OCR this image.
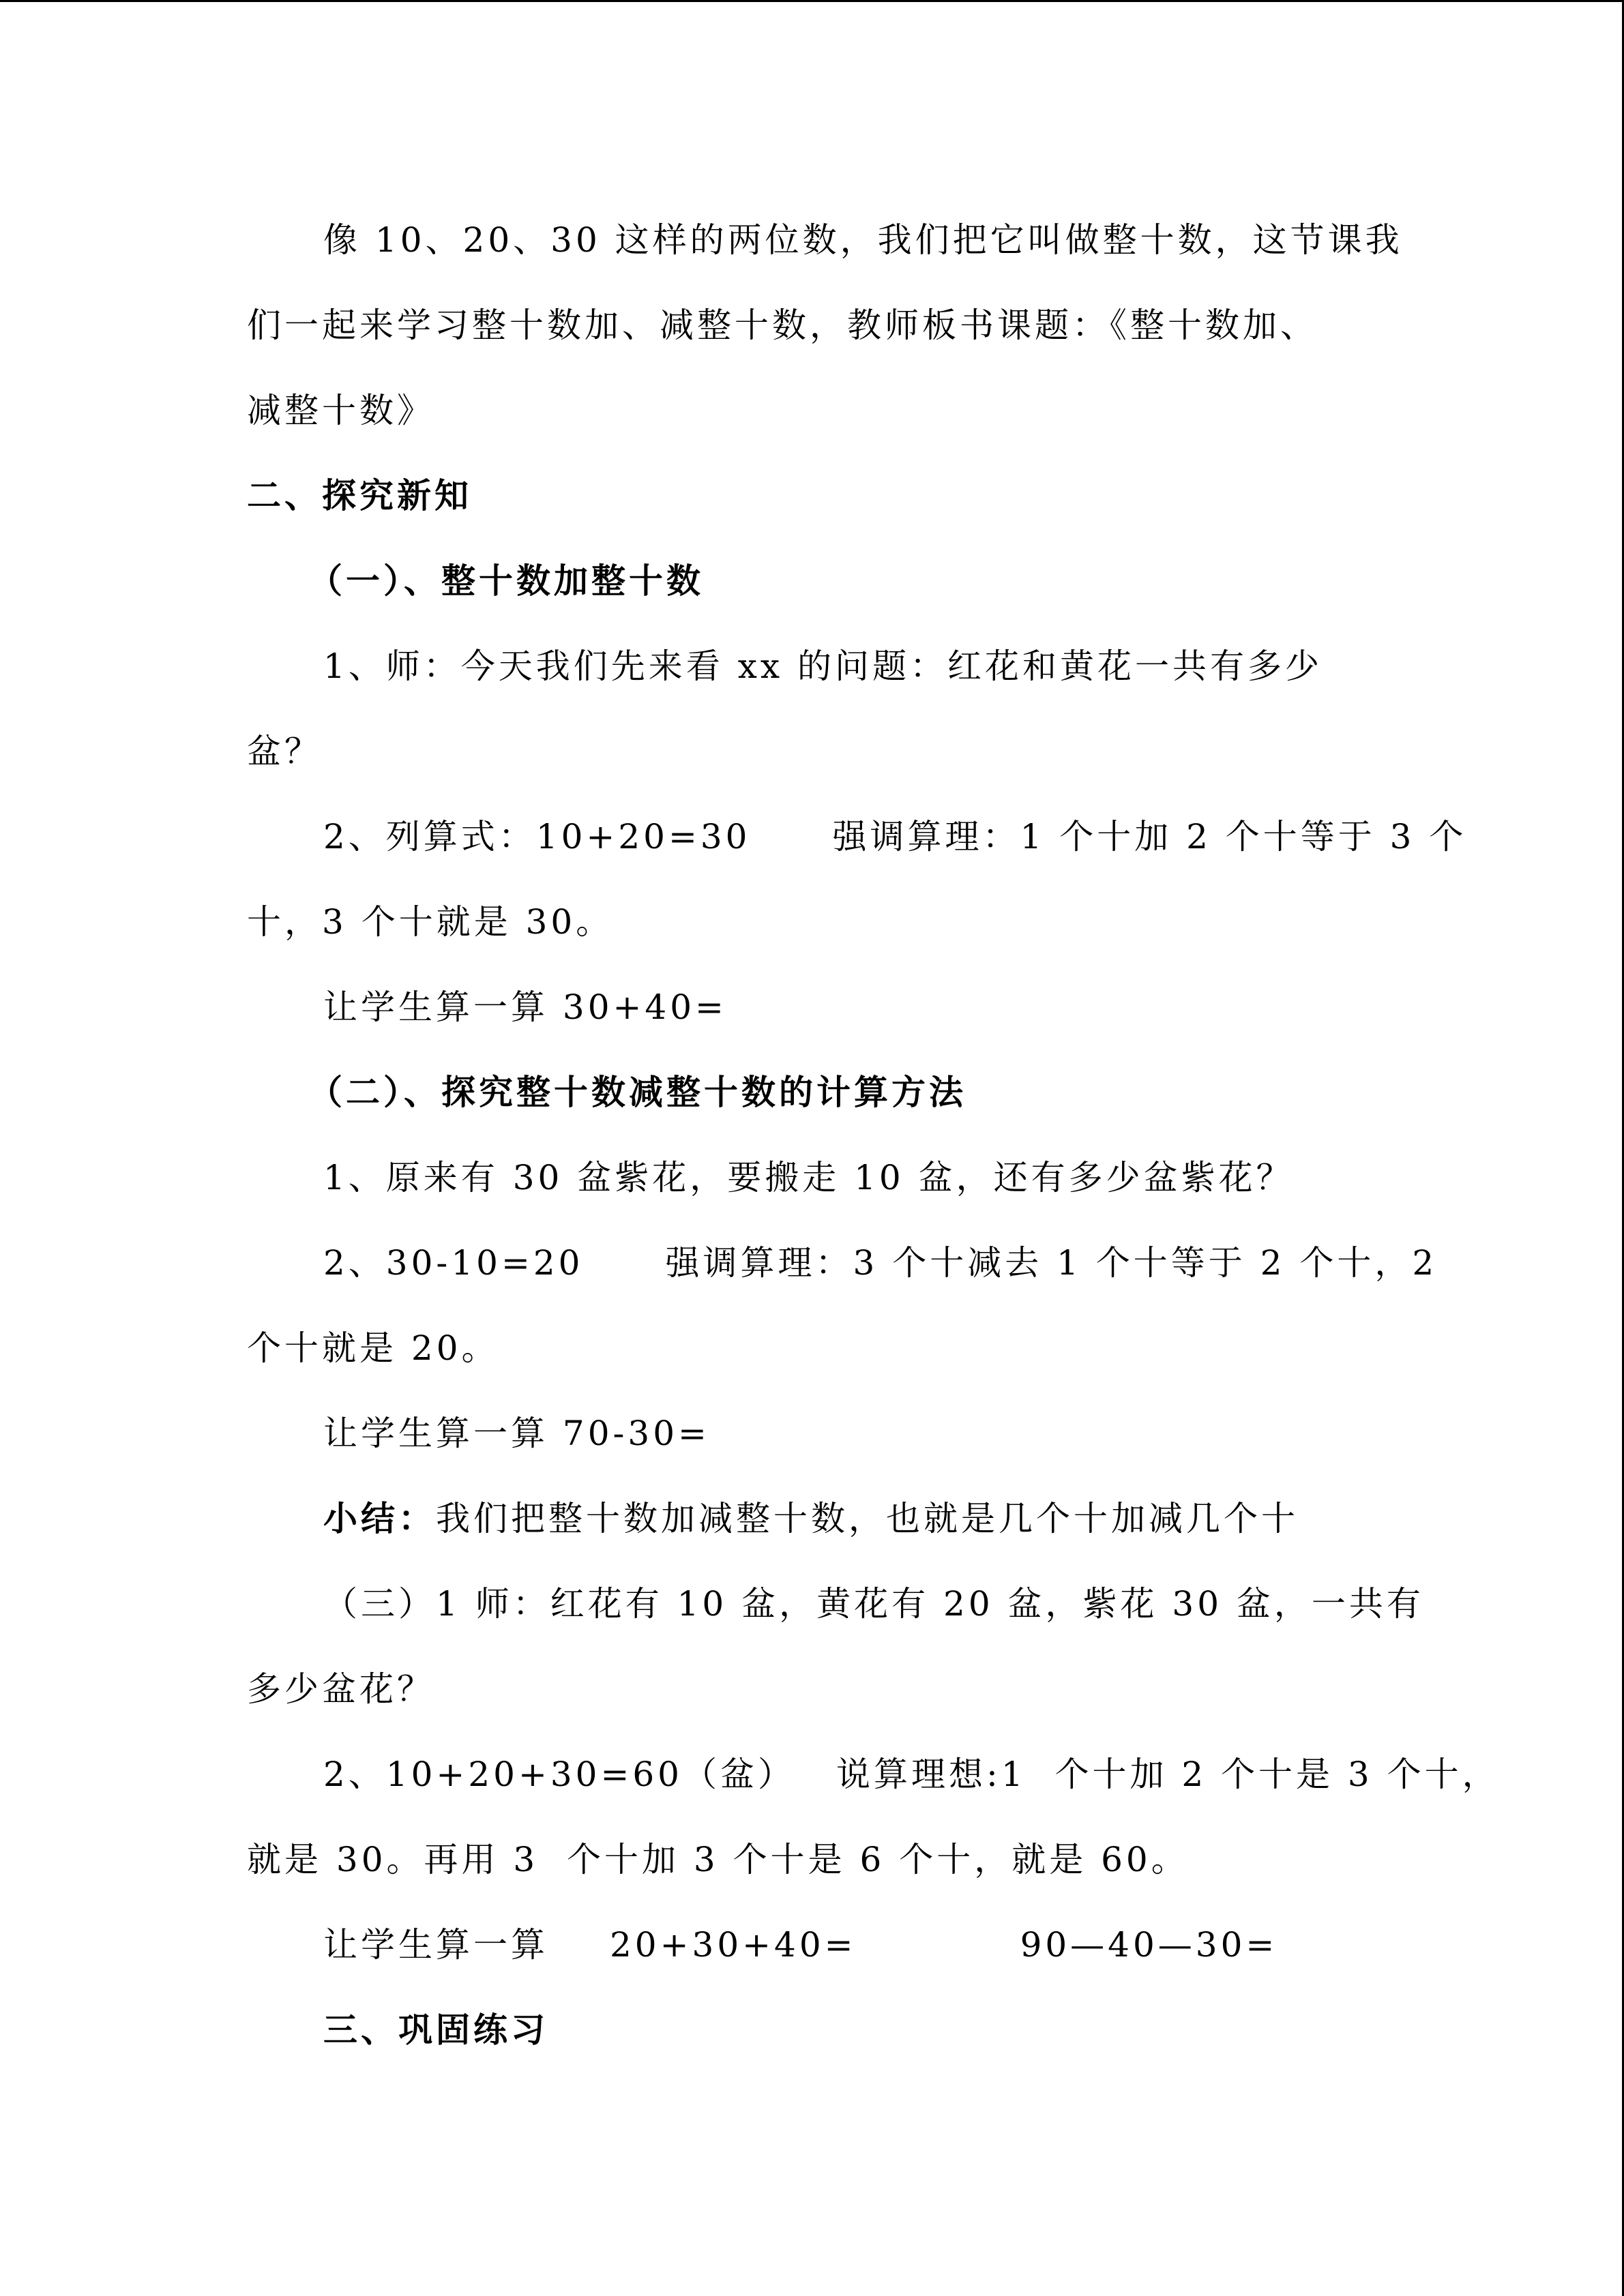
像 10、20、30 这样的两位数，我们把它叫做整十数，这节课我
们一起来学习整十数加、减整十数，教师板书课题：《整十数加、
减整十数》
二、探究新知
（一）、整十数加整十数
1、师：今天我们先来看 xx 的问题：红花和黄花一共有多少
盆？
2、列算式：10+20=30 强调算理：1 个十加 2 个十等于 3 个
十，3 个十就是 30。
让学生算一算 30+40=
（二）、探究整十数减整十数的计算方法
1、原来有 30 盆紫花，要搬走 10 盆，还有多少盆紫花？
2、30-10=20 强调算理：3 个十减去 1 个十等于 2 个十，2
个十就是 20。
让学生算一算 70-30=
小结：我们把整十数加减整十数，也就是几个十加减几个十
（三）1 师：红花有 10 盆，黄花有 20 盆，紫花 30 盆，一共有
多少盆花？
2、10+20+30=60（盆） 说算理想:1  个十加 2 个十是 3 个十，
就是 30。再用 3  个十加 3 个十是 6 个十，就是 60。
让学生算一算 20+30+40=	90—40—30=
三、巩固练习
